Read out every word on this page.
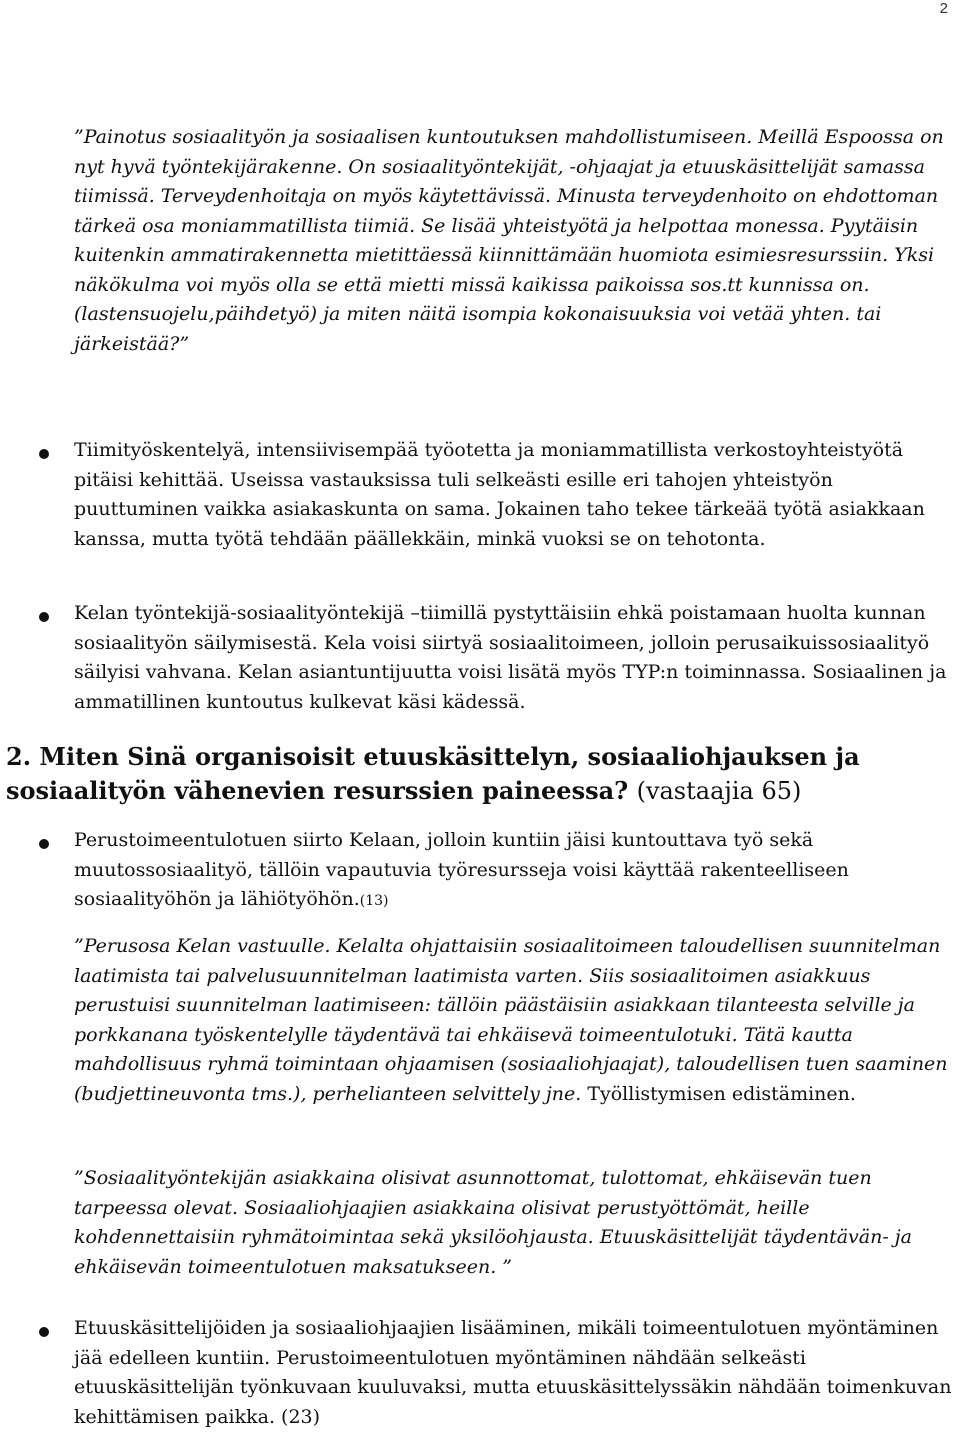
2
”Painotus sosiaalityön ja sosiaalisen kuntoutuksen mahdollistumiseen. Meillä Espoossa on nyt hyvä työntekijärakenne. On sosiaalityöntekijät, -ohjaajat ja etuuskäsittelijät samassa tiimissä. Terveydenhoitaja on myös käytettävissä. Minusta terveydenhoito on ehdottoman tärkeä osa moniammatillista tiimiä. Se lisää yhteistyötä ja helpottaa monessa. Pyytäisin kuitenkin ammatirakennetta mietittäessä kiinnittämään huomiota esimiesresurssiin. Yksi näkökulma voi myös olla se että mietti missä kaikissa paikoissa sos.tt kunnissa on.(lastensuojelu,päihdetyö) ja miten näitä isompia kokonaisuuksia voi vetää yhten. tai järkeistää?”
Tiimityöskentelyä, intensiivisempää työotetta ja moniammatillista verkostoyhteistyötä pitäisi kehittää. Useissa vastauksissa tuli selkeästi esille eri tahojen yhteistyön puuttuminen vaikka asiakaskunta on sama. Jokainen taho tekee tärkeää työtä asiakkaan kanssa, mutta työtä tehdään päällekkäin, minkä vuoksi se on tehotonta.
Kelan työntekijä-sosiaalityöntekijä –tiimillä pystyttäisiin ehkä poistamaan huolta kunnan sosiaalityön säilymisestä. Kela voisi siirtyä sosiaalitoimeen, jolloin perusaikuissosiaalityö säilyisi vahvana. Kelan asiantuntijuutta voisi lisätä myös TYP:n toiminnassa. Sosiaalinen ja ammatillinen kuntoutus kulkevat käsi kädessä.
2. Miten Sinä organisoisit etuuskäsittelyn, sosiaaliohjauksen ja sosiaalityön vähenevien resurssien paineessa? (vastaajia 65)
Perustoimeentulotuen siirto Kelaan, jolloin kuntiin jäisi kuntouttava työ sekä muutossosiaalityö, tällöin vapautuvia työresursseja voisi käyttää rakenteelliseen sosiaalityöhön ja lähiötyöhön.(13)
”Perusosa Kelan vastuulle. Kelalta ohjattaisiin sosiaalitoimeen taloudellisen suunnitelman laatimista tai palvelusuunnitelman laatimista varten. Siis sosiaalitoimen asiakkuus perustuisi suunnitelman laatimiseen: tällöin päästäisiin asiakkaan tilanteesta selville ja porkkanana työskentelylle täydentävä tai ehkäisevä toimeentulotuki. Tätä kautta mahdollisuus ryhmä toimintaan ohjaamisen (sosiaaliohjaajat), taloudellisen tuen saaminen (budjettineuvonta tms.), perhelianteen selvittely jne. Työllistymisen edistäminen.
”Sosiaalityöntekijän asiakkaina olisivat asunnottomat, tulottomat, ehkäisevän tuen tarpeessa olevat. Sosiaaliohjaajien asiakkaina olisivat perustyöttömät, heille kohdennettaisiin ryhmätoimintaa sekä yksilöohjausta. Etuuskäsittelijät täydentävän- ja ehkäisevän toimeentulotuen maksatukseen. ”
Etuuskäsittelijöiden ja sosiaaliohjaajien lisääminen, mikäli toimeentulotuen myöntäminen jää edelleen kuntiin. Perustoimeentulotuen myöntäminen nähdään selkeästi etuuskäsittelijän työnkuvaan kuuluvaksi, mutta etuuskäsittelyssäkin nähdään toimenkuvan kehittämisen paikka. (23)
